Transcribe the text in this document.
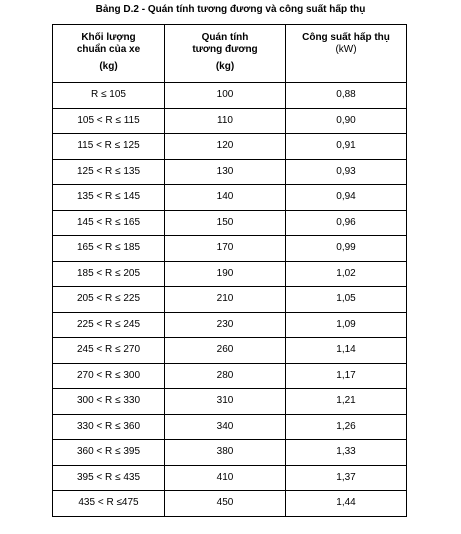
Bảng D.2 - Quán tính tương đương và công suất hấp thụ
Khối lượng
chuẩn của xe
(kg)	Quán tính
tương đương
(kg)	Công suất hấp thụ
(kW)

R ≤ 105	100	0,88
105 < R ≤ 115	110	0,90
115 < R ≤ 125	120	0,91
125 < R ≤ 135	130	0,93
135 < R ≤ 145	140	0,94
145 < R ≤ 165	150	0,96
165 < R ≤ 185	170	0,99
185 < R ≤ 205	190	1,02
205 < R ≤ 225	210	1,05
225 < R ≤ 245	230	1,09
245 < R ≤ 270	260	1,14
270 < R ≤ 300	280	1,17
300 < R ≤ 330	310	1,21
330 < R ≤ 360	340	1,26
360 < R ≤ 395	380	1,33
395 < R ≤ 435	410	1,37
435 < R ≤475	450	1,44
